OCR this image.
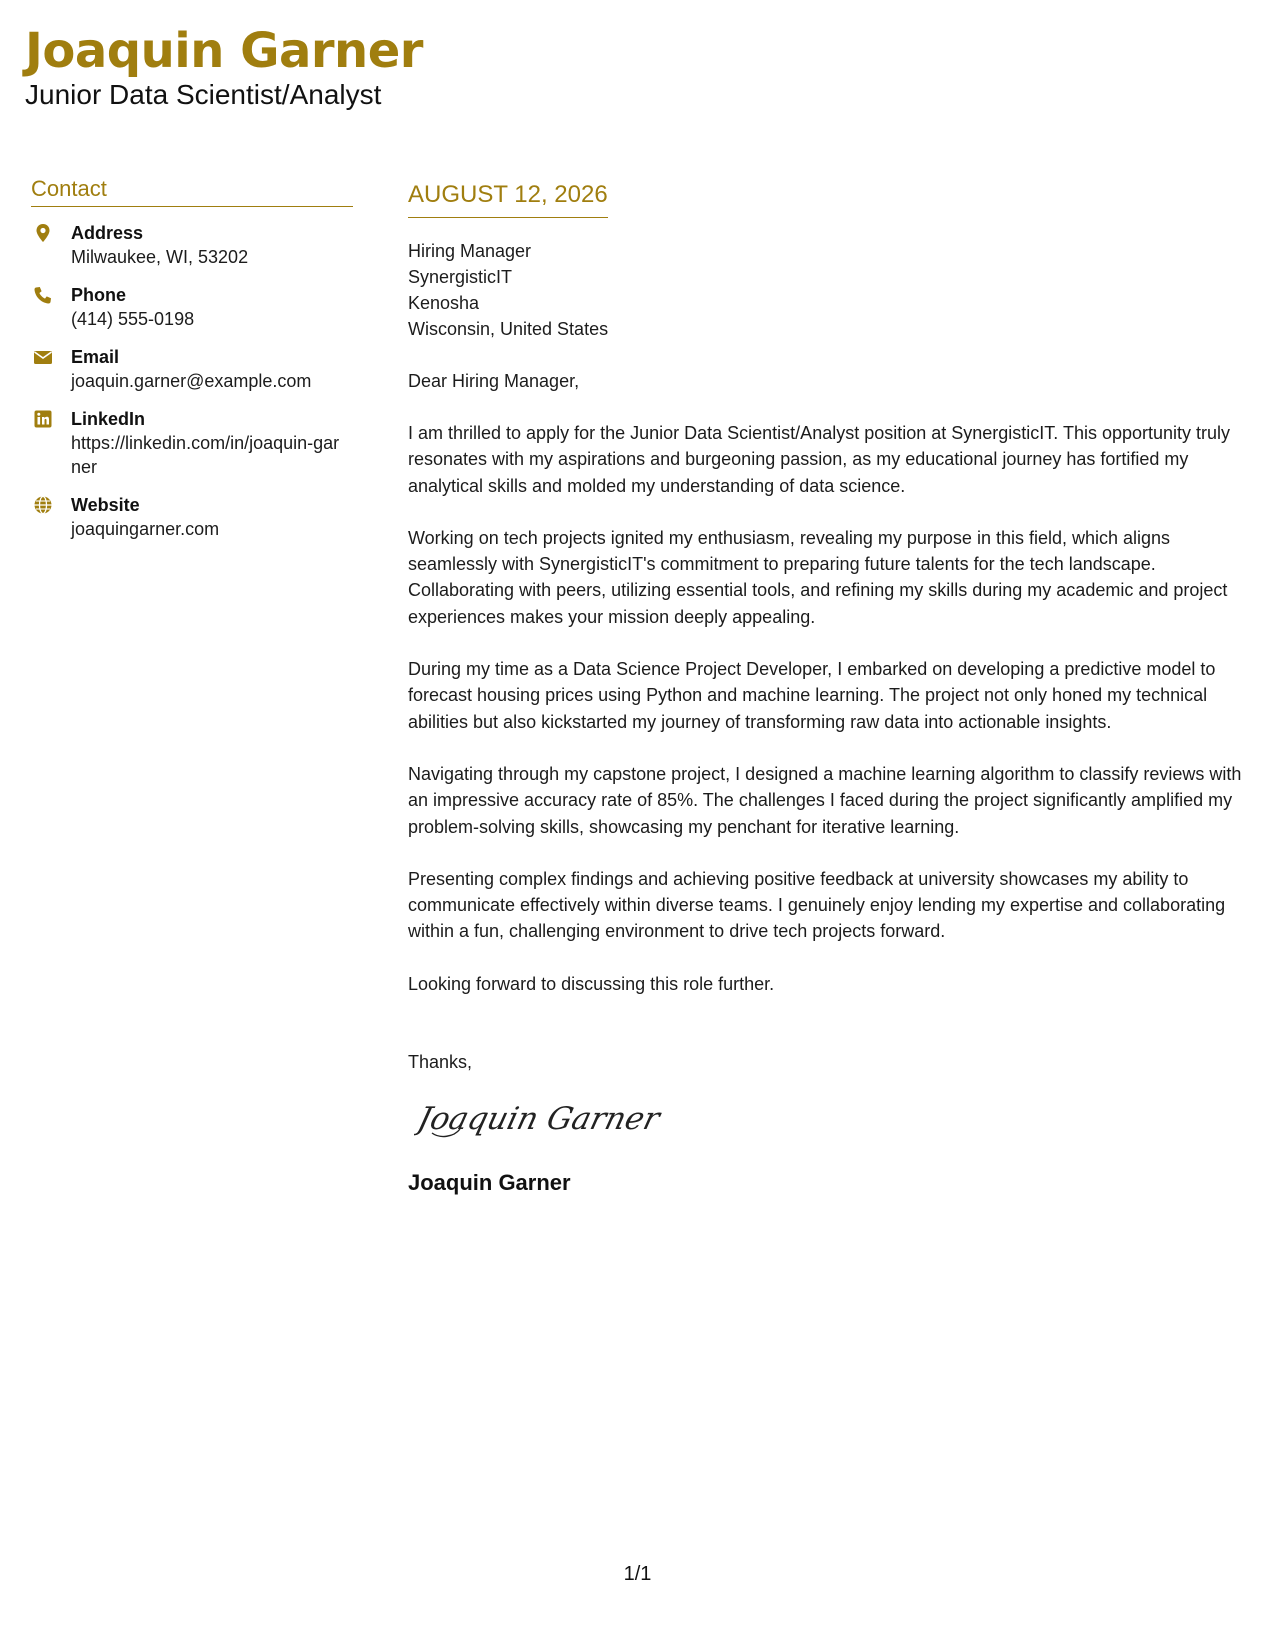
Joaquin Garner
Junior Data Scientist/Analyst
Contact
Address
Milwaukee, WI, 53202
Phone
(414) 555-0198
Email
joaquin.garner@example.com
LinkedIn
https://linkedin.com/in/joaquin-garner
Website
joaquingarner.com
AUGUST 12, 2026
Hiring Manager
SynergisticIT
Kenosha
Wisconsin, United States
Dear Hiring Manager,
I am thrilled to apply for the Junior Data Scientist/Analyst position at SynergisticIT. This opportunity truly resonates with my aspirations and burgeoning passion, as my educational journey has fortified my analytical skills and molded my understanding of data science.
Working on tech projects ignited my enthusiasm, revealing my purpose in this field, which aligns seamlessly with SynergisticIT's commitment to preparing future talents for the tech landscape. Collaborating with peers, utilizing essential tools, and refining my skills during my academic and project experiences makes your mission deeply appealing.
During my time as a Data Science Project Developer, I embarked on developing a predictive model to forecast housing prices using Python and machine learning. The project not only honed my technical abilities but also kickstarted my journey of transforming raw data into actionable insights.
Navigating through my capstone project, I designed a machine learning algorithm to classify reviews with an impressive accuracy rate of 85%. The challenges I faced during the project significantly amplified my problem-solving skills, showcasing my penchant for iterative learning.
Presenting complex findings and achieving positive feedback at university showcases my ability to communicate effectively within diverse teams. I genuinely enjoy lending my expertise and collaborating within a fun, challenging environment to drive tech projects forward.
Looking forward to discussing this role further.
Thanks,
Joaquin Garner
Joaquin Garner
1/1
